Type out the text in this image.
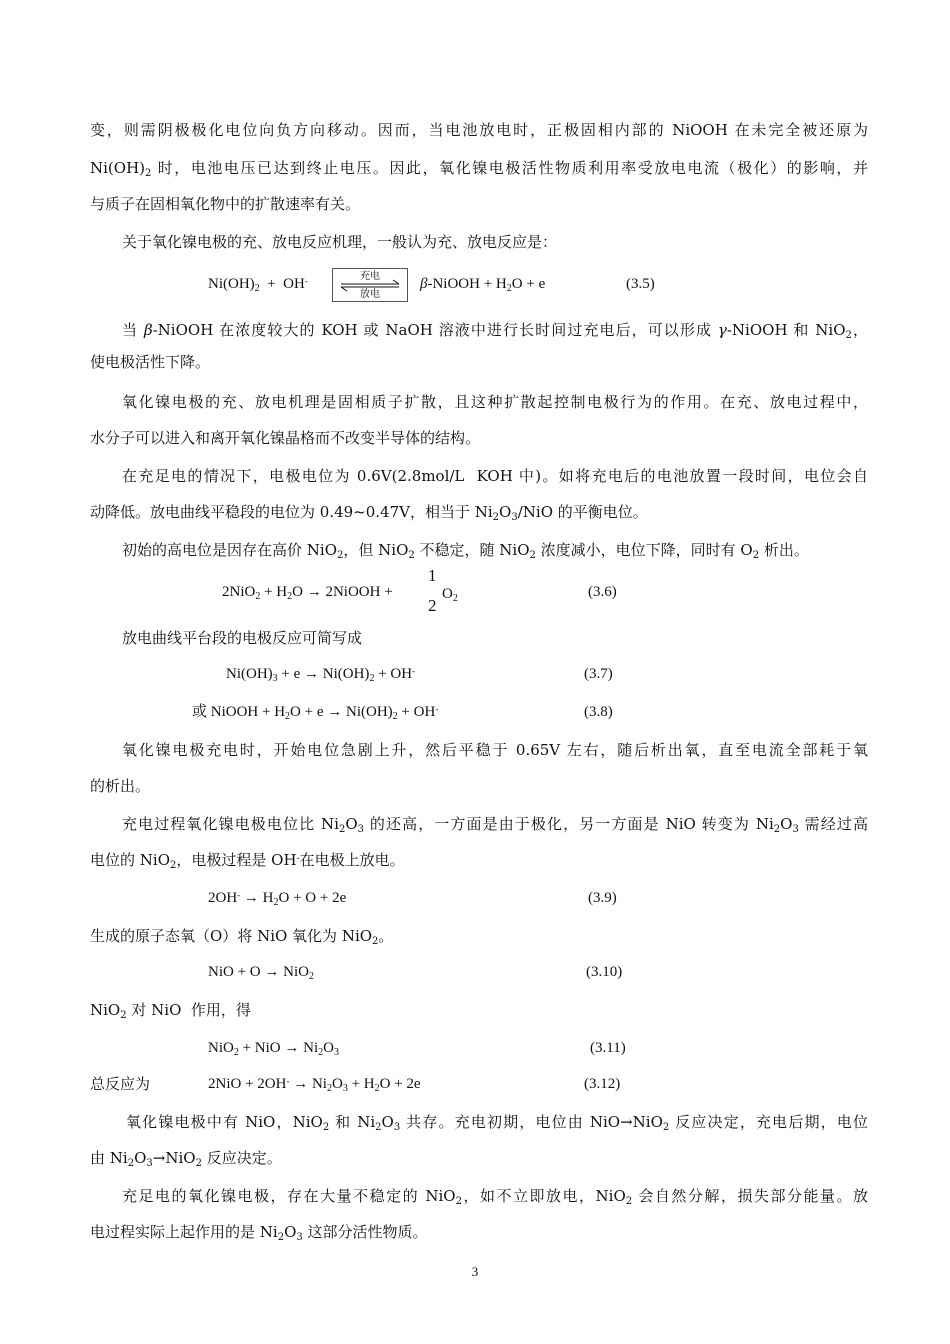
变，则需阴极极化电位向负方向移动。因而，当电池放电时，正极固相内部的 NiOOH 在未完全被还原为
$Ni(OH)_2$ 时，电池电压已达到终止电压。因此，氧化镍电极活性物质利用率受放电电流（极化）的影响，并
与质子在固相氧化物中的扩散速率有关。
关于氧化镍电极的充、放电反应机理，一般认为充、放电反应是：
$Ni(OH)_2 + OH^-$	充电
放电
β-NiOOH + $H_2O + e$	(3.5)
当 β-NiOOH 在浓度较大的 KOH 或 NaOH 溶液中进行长时间过充电后，可以形成 γ-NiOOH 和 NiO$_2$，
使电极活性下降。
氧化镍电极的充、放电机理是固相质子扩散，且这种扩散起控制电极行为的作用。在充、放电过程中，
水分子可以进入和离开氧化镍晶格而不改变半导体的结构。
在充足电的情况下，电极电位为 0.6V(2.8mol/L  KOH 中)。如将充电后的电池放置一段时间，电位会自
动降低。放电曲线平稳段的电位为 0.49~0.47V，相当于 $Ni_2O_3$/NiO 的平衡电位。
初始的高电位是因存在高价 NiO$_2$，但 NiO$_2$ 不稳定，随 NiO$_2$ 浓度减小，电位下降，同时有 $O_2$ 析出。
$2NiO_2 + H_2O$ → 2NiOOH +
1
2
$O_2$	(3.6)
放电曲线平台段的电极反应可简写成
$Ni(OH)_3 + e \to Ni(OH)_2 + OH^-$	(3.7)
或 NiOOH + $H_2O + e \to Ni(OH)_2 + OH^-$	(3.8)
氧化镍电极充电时，开始电位急剧上升，然后平稳于 0.65V 左右，随后析出氧，直至电流全部耗于氧
的析出。
充电过程氧化镍电极电位比 $Ni_2O_3$ 的还高，一方面是由于极化，另一方面是 NiO 转变为 $Ni_2O_3$ 需经过高
电位的 NiO$_2$，电极过程是 OH-在电极上放电。
$2OH^- \to H_2O + O + 2e$	(3.9)
生成的原子态氧（O）将 NiO 氧化为 NiO$_2$。
NiO + O → NiO$_2$	(3.10)
NiO$_2$ 对 NiO  作用，得
NiO$_2$ + NiO → $Ni_2O_3$	(3.11)
总反应为	$2NiO + 2OH^- \to Ni_2O_3 + H_2O + 2e$	(3.12)
氧化镍电极中有 NiO，NiO$_2$ 和 $Ni_2O_3$ 共存。充电初期，电位由 NiO→NiO$_2$ 反应决定，充电后期，电位
由 $Ni_2O_3\to NiO_2$ 反应决定。
充足电的氧化镍电极，存在大量不稳定的 NiO$_2$，如不立即放电，NiO$_2$ 会自然分解，损失部分能量。放
电过程实际上起作用的是 $Ni_2O_3$ 这部分活性物质。
3
